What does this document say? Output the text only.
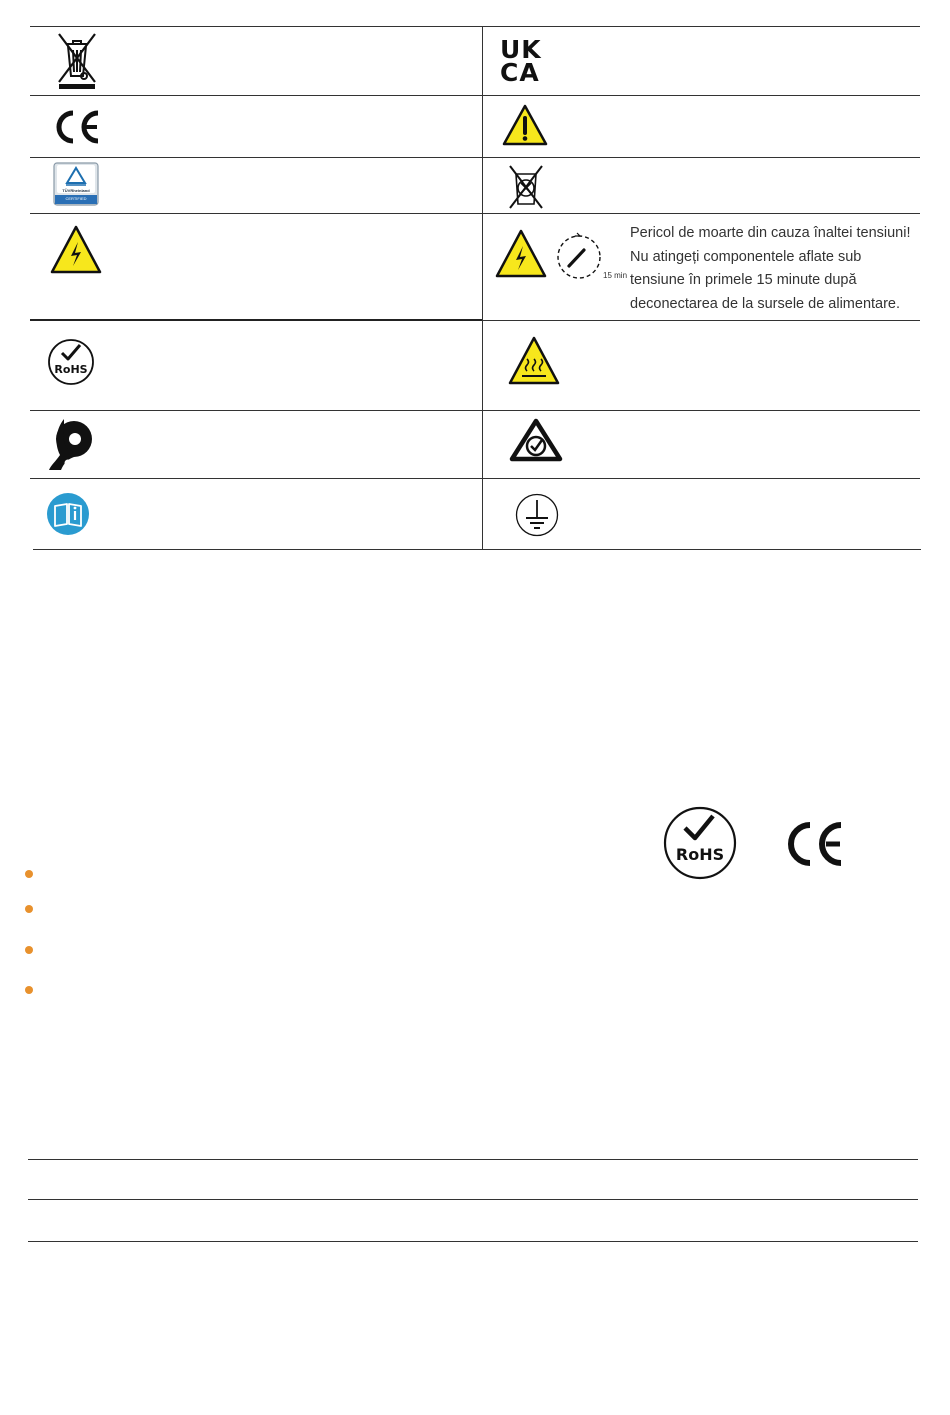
UK
CA
TÜVRheinland
CERTIFIED
15 min
Pericol de moarte din cauza înaltei tensiuni!
Nu atingeți componentele aflate sub
tensiune în primele 15 minute după
deconectarea de la sursele de alimentare.
RoHS
RoHS
